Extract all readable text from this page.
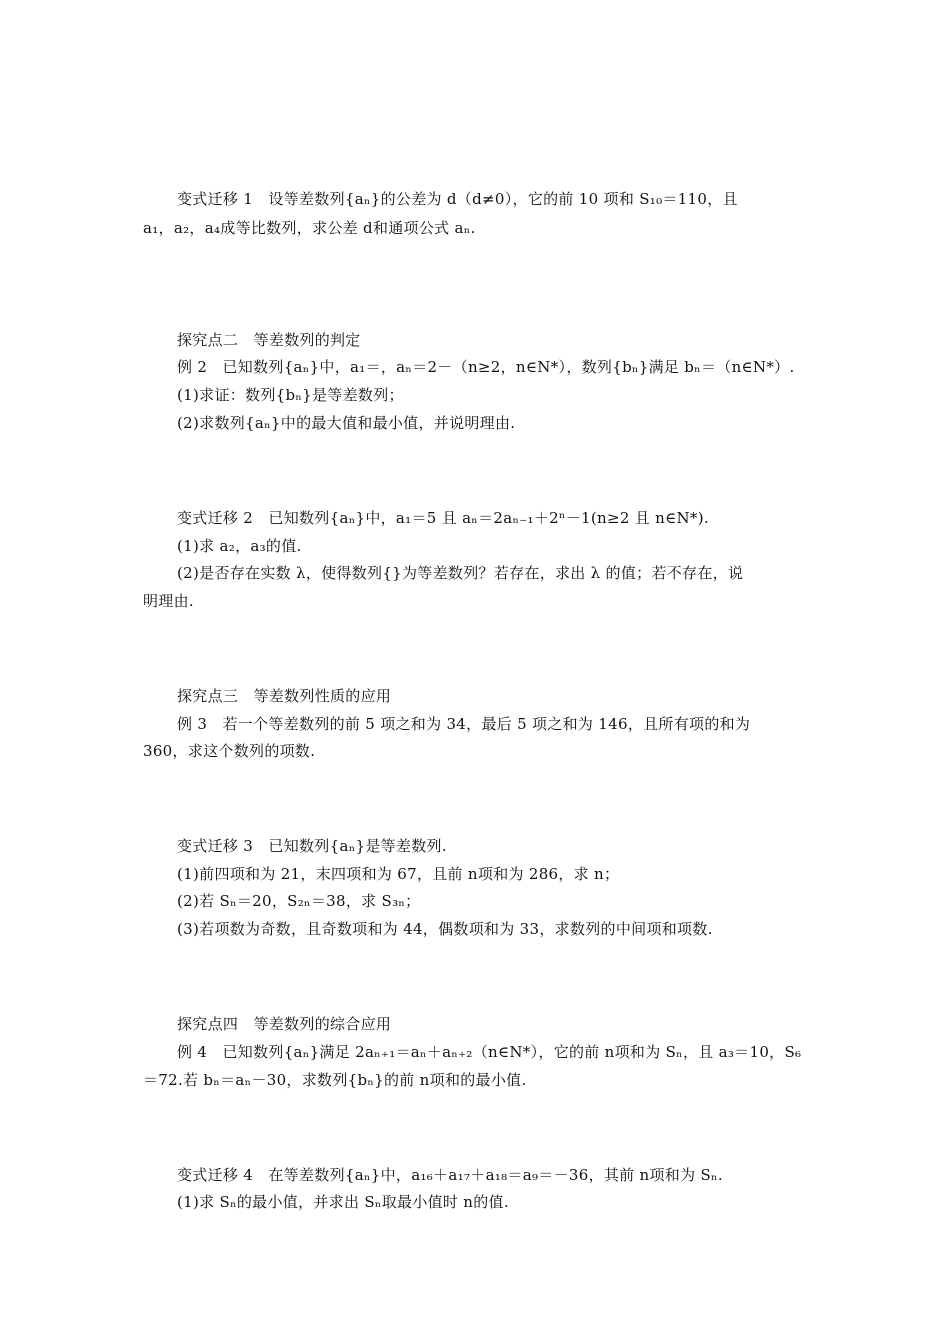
变式迁移 1　设等差数列{aₙ}的公差为 d（d≠0），它的前 10 项和 S₁₀＝110，且
a₁，a₂，a₄成等比数列，求公差 d和通项公式 aₙ.
探究点二　等差数列的判定
例 2　已知数列{aₙ}中，a₁＝，aₙ＝2－（n≥2，n∈N*），数列{bₙ}满足 bₙ＝（n∈N*）.
(1)求证：数列{bₙ}是等差数列；
(2)求数列{aₙ}中的最大值和最小值，并说明理由.
变式迁移 2　已知数列{aₙ}中，a₁＝5 且 aₙ＝2aₙ₋₁＋2ⁿ－1(n≥2 且 n∈N*).
(1)求 a₂，a₃的值.
(2)是否存在实数 λ，使得数列{}为等差数列？若存在，求出 λ 的值；若不存在，说
明理由.
探究点三　等差数列性质的应用
例 3　若一个等差数列的前 5 项之和为 34，最后 5 项之和为 146，且所有项的和为
360，求这个数列的项数.
变式迁移 3　已知数列{aₙ}是等差数列.
(1)前四项和为 21，末四项和为 67，且前 n项和为 286，求 n；
(2)若 Sₙ＝20，S₂ₙ＝38，求 S₃ₙ；
(3)若项数为奇数，且奇数项和为 44，偶数项和为 33，求数列的中间项和项数.
探究点四　等差数列的综合应用
例 4　已知数列{aₙ}满足 2aₙ₊₁＝aₙ＋aₙ₊₂（n∈N*），它的前 n项和为 Sₙ，且 a₃＝10，S₆
＝72.若 bₙ＝aₙ－30，求数列{bₙ}的前 n项和的最小值.
变式迁移 4　在等差数列{aₙ}中，a₁₆＋a₁₇＋a₁₈＝a₉＝－36，其前 n项和为 Sₙ.
(1)求 Sₙ的最小值，并求出 Sₙ取最小值时 n的值.
